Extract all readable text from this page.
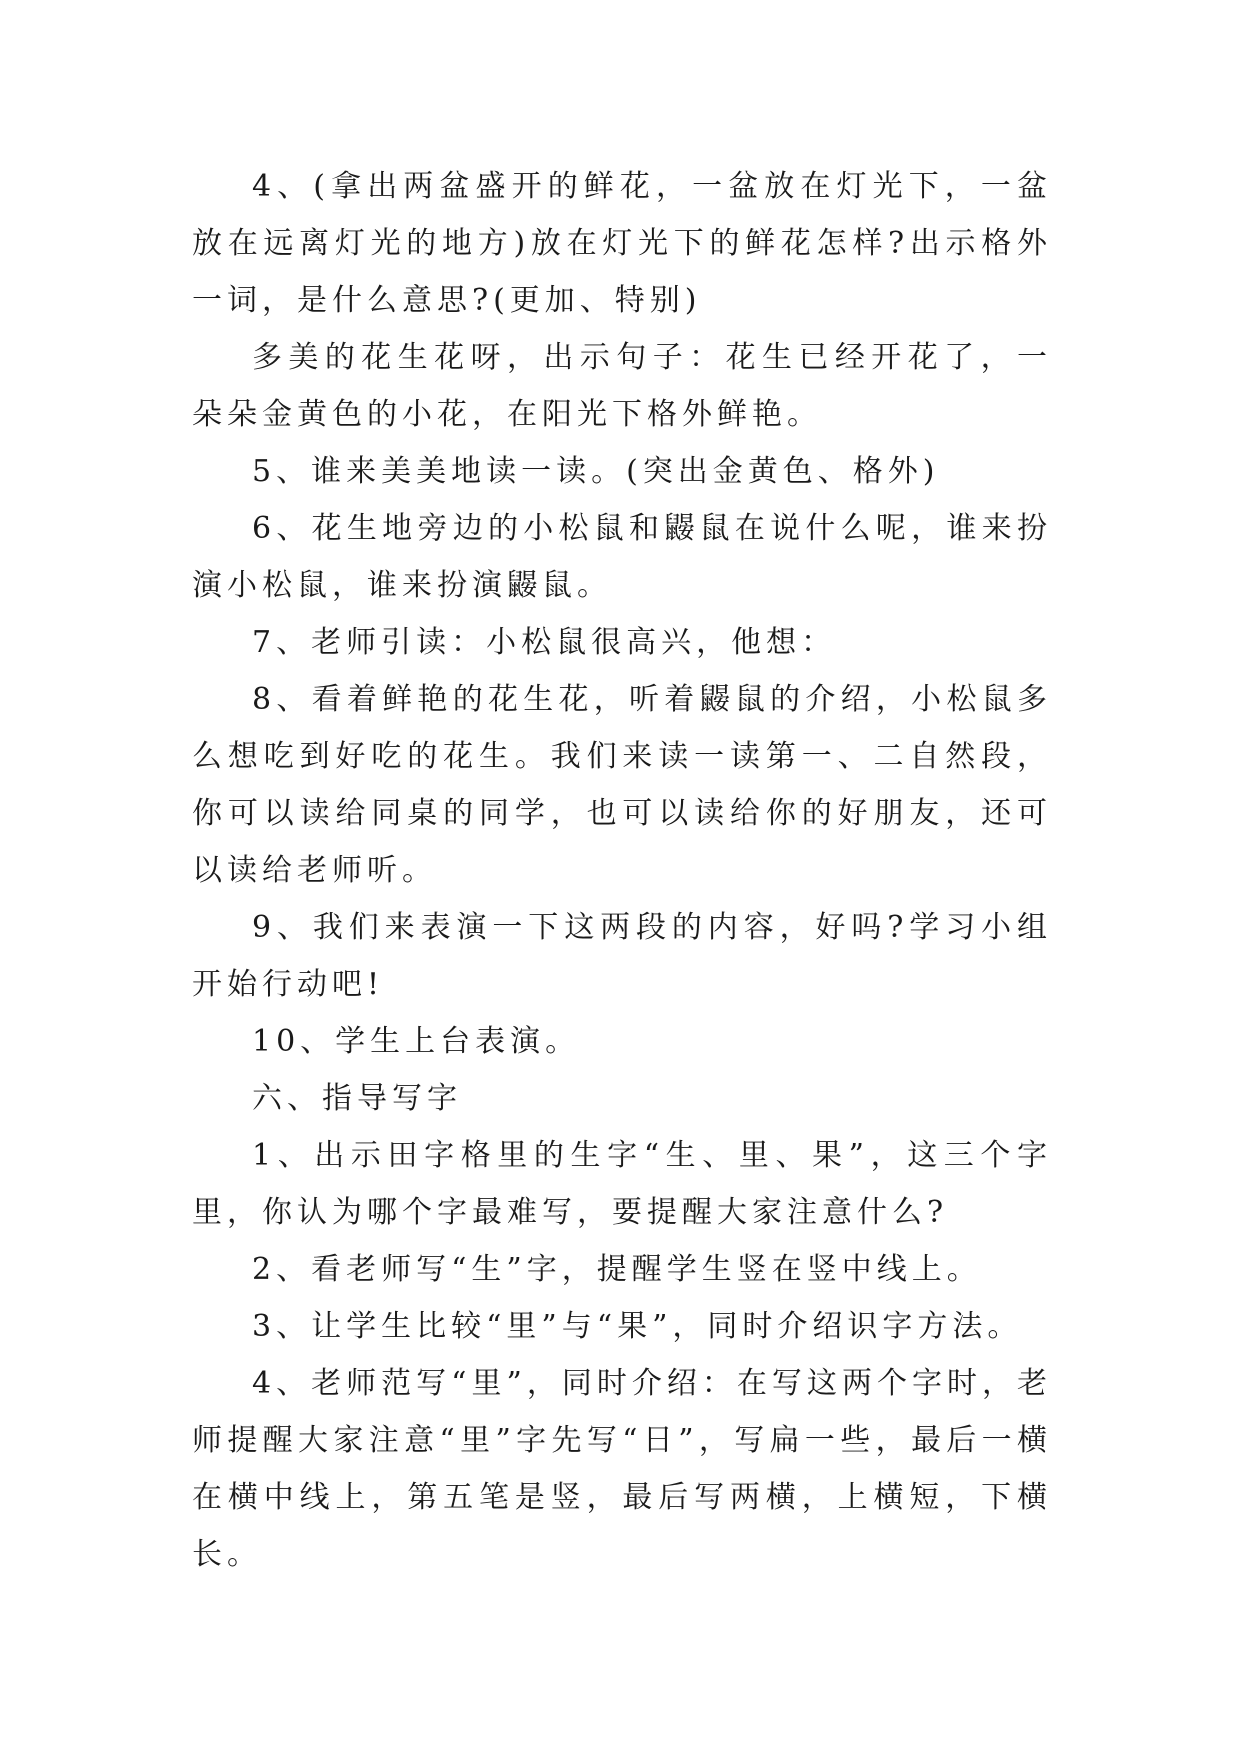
4、(拿出两盆盛开的鲜花，一盆放在灯光下，一盆放在远离灯光的地方)放在灯光下的鲜花怎样?出示格外一词，是什么意思?(更加、特别)

多美的花生花呀，出示句子：花生已经开花了，一朵朵金黄色的小花，在阳光下格外鲜艳。

5、谁来美美地读一读。(突出金黄色、格外)

6、花生地旁边的小松鼠和鼹鼠在说什么呢，谁来扮演小松鼠，谁来扮演鼹鼠。

7、老师引读：小松鼠很高兴，他想：

8、看着鲜艳的花生花，听着鼹鼠的介绍，小松鼠多么想吃到好吃的花生。我们来读一读第一、二自然段，你可以读给同桌的同学，也可以读给你的好朋友，还可以读给老师听。

9、我们来表演一下这两段的内容，好吗?学习小组开始行动吧!

10、学生上台表演。

六、指导写字

1、出示田字格里的生字“生、里、果”，这三个字里，你认为哪个字最难写，要提醒大家注意什么?

2、看老师写“生”字，提醒学生竖在竖中线上。

3、让学生比较“里”与“果”，同时介绍识字方法。

4、老师范写“里”，同时介绍：在写这两个字时，老师提醒大家注意“里”字先写“日”，写扁一些，最后一横在横中线上，第五笔是竖，最后写两横，上横短，下横长。
